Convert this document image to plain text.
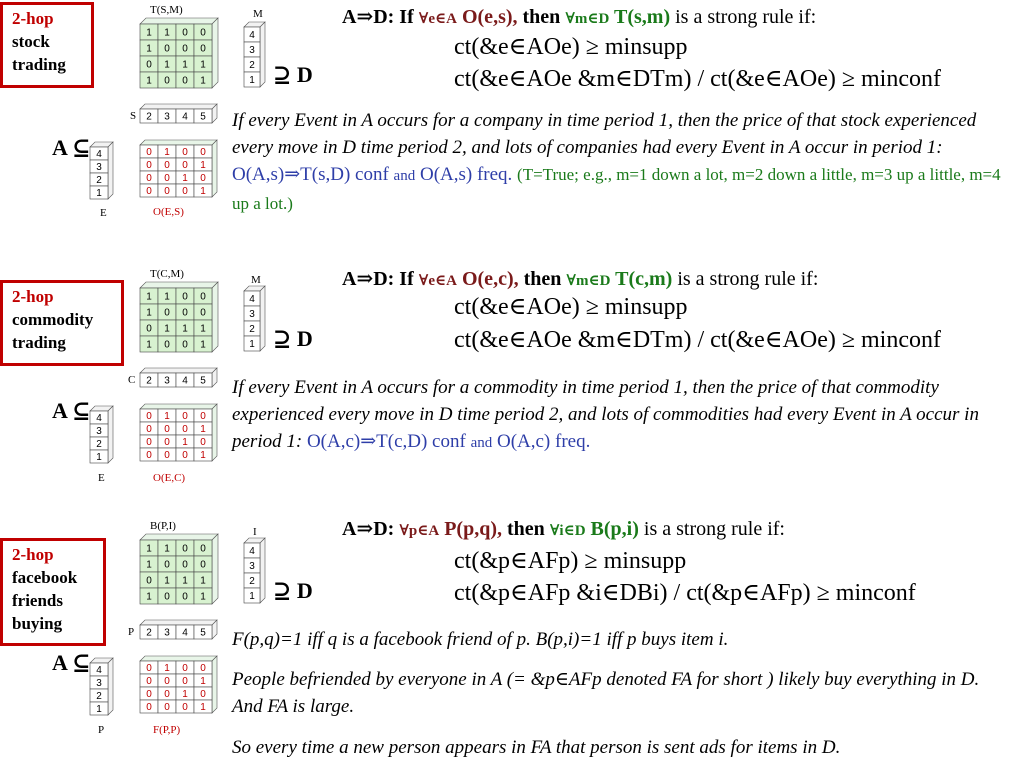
2-hop
stock
trading
T(S,M)	M
S
E	O(E,S)
1 1 0 0
1 0 0 0
0 1 1 1
1 0 0 1
4
3
2
1
2 3 4 5
0 1 0 0
0 0 0 1
0 0 1 0
0 0 0 1
4
3
2
1
A ⊆
⊇ D
A⇒D: If ∀e∈A O(e,s), then ∀m∈D T(s,m) is a strong rule if:
ct(&e∈AOe) ≥ minsupp
ct(&e∈AOe &m∈DTm) / ct(&e∈AOe) ≥ minconf
If every Event in A occurs for a company in time period 1, then the price of that stock experienced every move in D time period 2, and lots of companies had every Event in A occur in period 1: O(A,s)⇒T(s,D) conf and O(A,s) freq. (T=True; e.g., m=1 down a lot, m=2 down a little, m=3 up a little, m=4 up a lot.)
2-hop
commodity
trading
T(C,M)	M
C
E	O(E,C)
1 1 0 0
1 0 0 0
0 1 1 1
1 0 0 1
4
3
2
1
2 3 4 5
0 1 0 0
0 0 0 1
0 0 1 0
0 0 0 1
4
3
2
1
A ⊆
⊇ D
A⇒D: If ∀e∈A O(e,c), then ∀m∈D T(c,m) is a strong rule if:
ct(&e∈AOe) ≥ minsupp
ct(&e∈AOe &m∈DTm) / ct(&e∈AOe) ≥ minconf
If every Event in A occurs for a commodity in time period 1, then the price of that commodity experienced every move in D time period 2, and lots of commodities had every Event in A occur in period 1: O(A,c)⇒T(c,D) conf and O(A,c) freq.
2-hop
facebook
friends
buying
B(P,I)	I
P
P	F(P,P)
1 1 0 0
1 0 0 0
0 1 1 1
1 0 0 1
4
3
2
1
2 3 4 5
0 1 0 0
0 0 0 1
0 0 1 0
0 0 0 1
4
3
2
1
A ⊆
⊇ D
A⇒D: ∀p∈A P(p,q), then ∀i∈D B(p,i) is a strong rule if:
ct(&p∈AFp) ≥ minsupp
ct(&p∈AFp &i∈DBi) / ct(&p∈AFp) ≥ minconf
F(p,q)=1 iff q is a facebook friend of p. B(p,i)=1 iff p buys item i.
People befriended by everyone in A (= &p∈AFp denoted FA for short ) likely buy everything in D. And FA is large.
So every time a new person appears in FA that person is sent ads for items in D.
